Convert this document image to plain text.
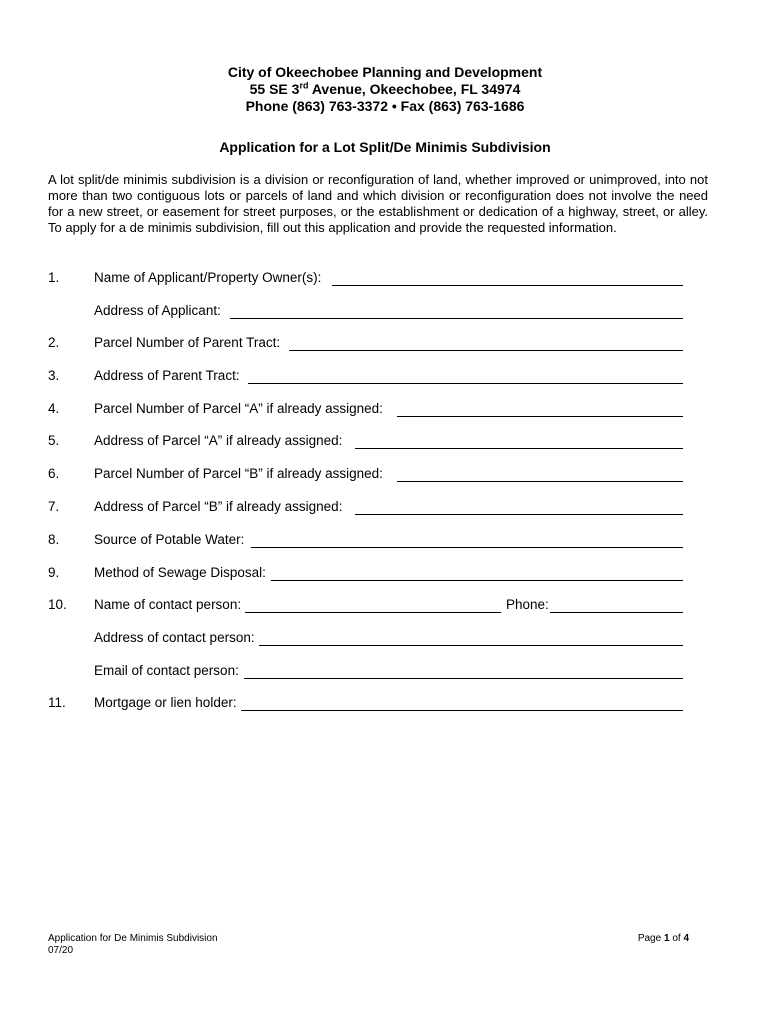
City of Okeechobee Planning and Development
55 SE 3rd Avenue, Okeechobee, FL 34974
Phone (863) 763-3372 • Fax (863) 763-1686
Application for a Lot Split/De Minimis Subdivision

A lot split/de minimis subdivision is a division or reconfiguration of land, whether improved or unimproved, into not more than two contiguous lots or parcels of land and which division or reconfiguration does not involve the need for a new street, or easement for street purposes, or the establishment or dedication of a highway, street, or alley. To apply for a de minimis subdivision, fill out this application and provide the requested information.

1.	Name of Applicant/Property Owner(s):
Address of Applicant:
2.	Parcel Number of Parent Tract:
3.	Address of Parent Tract:
4.	Parcel Number of Parcel “A” if already assigned:
5.	Address of Parcel “A” if already assigned:
6.	Parcel Number of Parcel “B” if already assigned:
7.	Address of Parcel “B” if already assigned:
8.	Source of Potable Water:
9.	Method of Sewage Disposal:
10. Name of contact person:	Phone:
Address of contact person:
Email of contact person:
11. Mortgage or lien holder:
Application for De Minimis Subdivision
07/20
Page 1 of 4
